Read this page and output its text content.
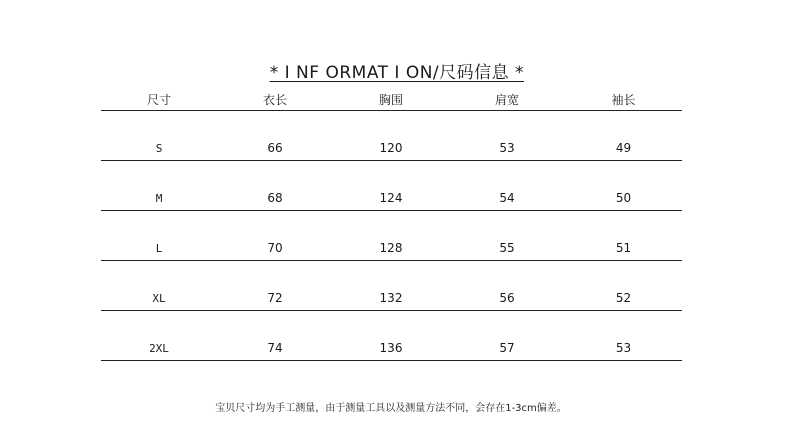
* I NF ORMAT I ON/尺码信息 *

尺寸	衣长	胸围	肩宽	袖长
S	66	120	53	49
M	68	124	54	50
L	70	128	55	51
XL	72	132	56	52
2XL	74	136	57	53
宝贝尺寸均为手工测量，由于测量工具以及测量方法不同，会存在1-3cm偏差。
